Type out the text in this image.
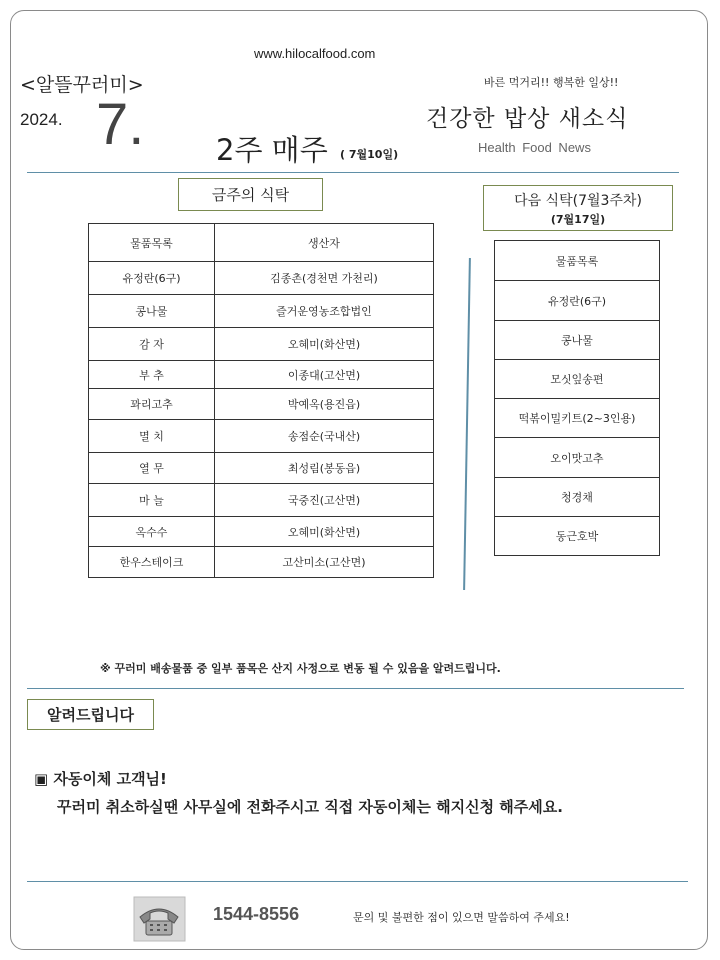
www.hilocalfood.com
<알뜰꾸러미>	바른 먹거리!! 행복한 일상!!
2024. 7.	건강한 밥상 새소식
2주 매주 ( 7월10일)	Health Food News
금주의 식탁	다음 식탁(7월3주차)
(7월17일)
물품목록	생산자
유정란(6구)	김종촌(경천면 가천리)
콩나물	즐거운영농조합법인
감 자	오혜미(화산면)
부 추	이종대(고산면)
꽈리고추	박예옥(용진읍)
멸 치	송점순(국내산)
열 무	최성림(봉동읍)
마 늘	국중진(고산면)
옥수수	오혜미(화산면)
한우스테이크	고산미소(고산면)
물품목록
유정란(6구)
콩나물
모싯잎송편
떡볶이밀키트(2~3인용)
오이맛고추
청경채
동근호박
※ 꾸러미 배송물품 중 일부 품목은 산지 사정으로 변동 될 수 있음을 알려드립니다.
알려드립니다
▣ 자동이체 고객님!
꾸러미 취소하실땐 사무실에 전화주시고 직접 자동이체는 해지신청 해주세요.
1544-8556	문의 및 불편한 점이 있으면 말씀하여 주세요!
